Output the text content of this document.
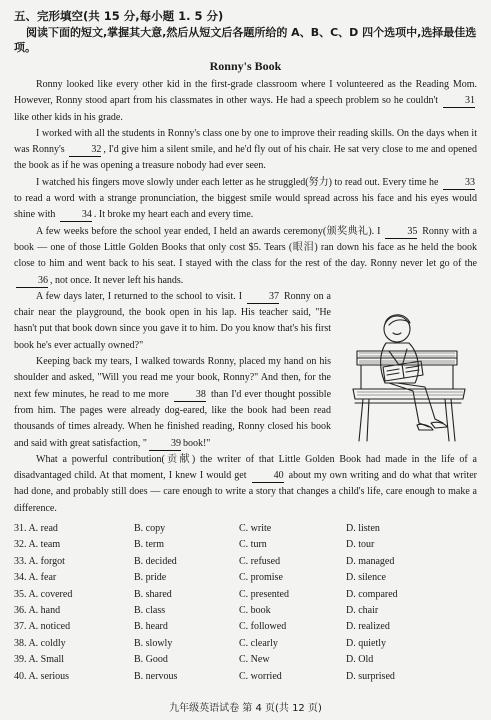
五、完形填空(共 15 分,每小题 1. 5 分)
阅读下面的短文,掌握其大意,然后从短文后各题所给的 A、B、C、D 四个选项中,选择最佳选项。
Ronny's Book

Ronny looked like every other kid in the first-grade classroom where I volunteered as the Reading Mom. However, Ronny stood apart from his classmates in other ways. He had a speech problem so he couldn't 31 like other kids in his grade.

I worked with all the students in Ronny's class one by one to improve their reading skills. On the days when it was Ronny's 32 , I'd give him a silent smile, and he'd fly out of his chair. He sat very close to me and opened the book as if he was opening a treasure nobody had ever seen.

I watched his fingers move slowly under each letter as he struggled(努力) to read out. Every time he 33 to read a word with a strange pronunciation, the biggest smile would spread across his face and his eyes would shine with 34 . It broke my heart each and every time.

A few weeks before the school year ended, I held an awards ceremony(颁奖典礼). I 35 Ronny with a book — one of those Little Golden Books that only cost $5. Tears (眼泪) ran down his face as he held the book close to him and went back to his seat. I stayed with the class for the rest of the day. Ronny never let go of the 36 , not once. It never left his hands.

A few days later, I returned to the school to visit. I 37 Ronny on a chair near the playground, the book open in his lap. His teacher said, "He hasn't put that book down since you gave it to him. Do you know that's his first book he's ever actually owned?"

Keeping back my tears, I walked towards Ronny, placed my hand on his shoulder and asked, "Will you read me your book, Ronny?" And then, for the next few minutes, he read to me more 38 than I'd ever thought possible from him. The pages were already dog-eared, like the book had been read thousands of times already. When he finished reading, Ronny closed his book and said with great satisfaction, " 39 book!"

What a powerful contribution(贡献) the writer of that Little Golden Book had made in the life of a disadvantaged child. At that moment, I knew I would get 40 about my own writing and do what that writer had done, and probably still does — care enough to write a story that changes a child's life, care enough to make a difference.

31. A. read	B. copy	C. write	D. listen
32. A. team	B. term	C. turn	D. tour
33. A. forgot	B. decided	C. refused	D. managed
34. A. fear	B. pride	C. promise	D. silence
35. A. covered	B. shared	C. presented	D. compared
36. A. hand	B. class	C. book	D. chair
37. A. noticed	B. heard	C. followed	D. realized
38. A. coldly	B. slowly	C. clearly	D. quietly
39. A. Small	B. Good	C. New	D. Old
40. A. serious	B. nervous	C. worried	D. surprised
九年级英语试卷 第 4 页(共 12 页)
